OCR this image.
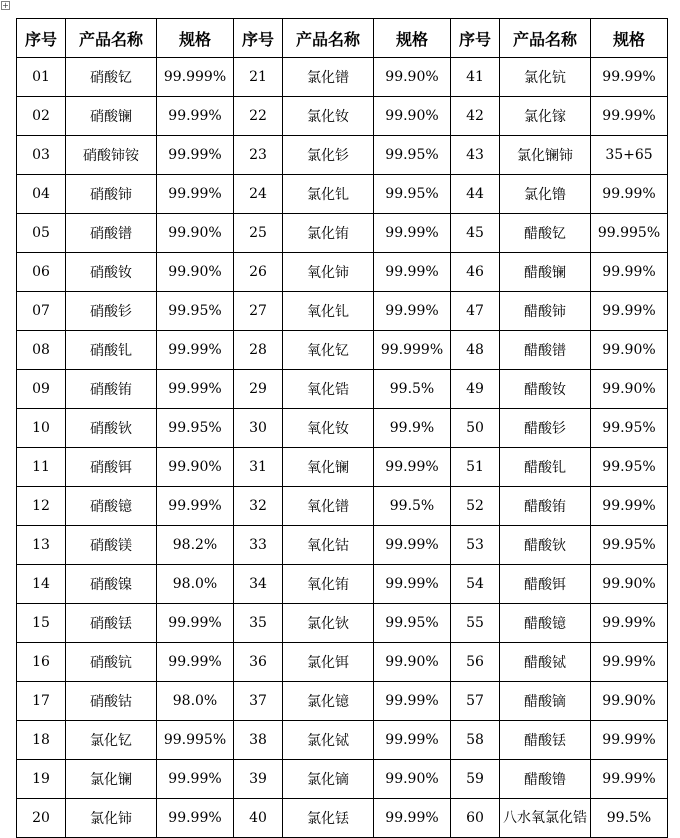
+
序号	产品名称	规格	序号	产品名称	规格	序号	产品名称	规格
01	硝酸钇	99.999%	21	氯化镨	99.90%	41	氯化钪	99.99%
02	硝酸镧	99.99%	22	氯化钕	99.90%	42	氯化镓	99.99%
03	硝酸铈铵	99.99%	23	氯化钐	99.95%	43	氯化镧铈	35+65
04	硝酸铈	99.99%	24	氯化钆	99.95%	44	氯化镥	99.99%
05	硝酸镨	99.90%	25	氯化铕	99.99%	45	醋酸钇	99.995%
06	硝酸钕	99.90%	26	氧化铈	99.99%	46	醋酸镧	99.99%
07	硝酸钐	99.95%	27	氧化钆	99.99%	47	醋酸铈	99.99%
08	硝酸钆	99.99%	28	氧化钇	99.999%	48	醋酸镨	99.90%
09	硝酸铕	99.99%	29	氧化锆	99.5%	49	醋酸钕	99.90%
10	硝酸钬	99.95%	30	氧化钕	99.9%	50	醋酸钐	99.95%
11	硝酸铒	99.90%	31	氧化镧	99.99%	51	醋酸钆	99.95%
12	硝酸镱	99.99%	32	氧化镨	99.5%	52	醋酸铕	99.99%
13	硝酸镁	98.2%	33	氧化钴	99.99%	53	醋酸钬	99.95%
14	硝酸镍	98.0%	34	氧化铕	99.99%	54	醋酸铒	99.90%
15	硝酸铥	99.99%	35	氯化钬	99.95%	55	醋酸镱	99.99%
16	硝酸钪	99.99%	36	氯化铒	99.90%	56	醋酸铽	99.99%
17	硝酸钴	98.0%	37	氯化镱	99.99%	57	醋酸镝	99.90%
18	氯化钇	99.995%	38	氯化铽	99.99%	58	醋酸铥	99.99%
19	氯化镧	99.99%	39	氯化镝	99.90%	59	醋酸镥	99.99%
20	氯化铈	99.99%	40	氯化铥	99.99%	60	八水氧氯化锆	99.5%
